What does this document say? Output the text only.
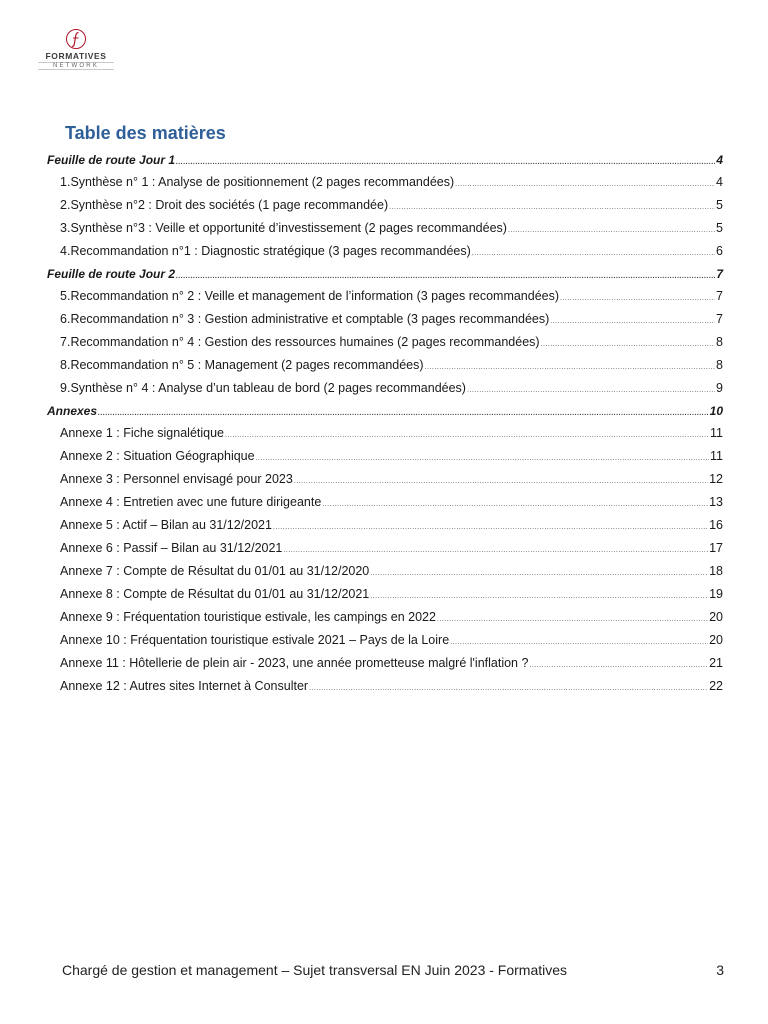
FORMATIVES
NETWORK
Table des matières
Feuille de route Jour 1 .....	4
1. Synthèse n° 1 : Analyse de positionnement (2 pages recommandées) .....	4
2. Synthèse n°2 : Droit des sociétés (1 page recommandée) .....	5
3. Synthèse n°3 : Veille et opportunité d’investissement (2 pages recommandées) .....	5
4. Recommandation n°1 : Diagnostic stratégique (3 pages recommandées) .....	6
Feuille de route Jour 2 .....	7
5. Recommandation n° 2 : Veille et management de l’information (3 pages recommandées) .....	7
6. Recommandation n° 3 : Gestion administrative et comptable (3 pages recommandées) .....	7
7. Recommandation n° 4 : Gestion des ressources humaines (2 pages recommandées) .....	8
8. Recommandation n° 5 : Management (2 pages recommandées) .....	8
9. Synthèse n° 4 : Analyse d’un tableau de bord (2 pages recommandées) .....	9
Annexes .....	10
Annexe 1 : Fiche signalétique .....	11
Annexe 2 : Situation Géographique .....	11
Annexe 3 : Personnel envisagé pour 2023 .....	12
Annexe 4 : Entretien avec une future dirigeante .....	13
Annexe 5 : Actif – Bilan au 31/12/2021 .....	16
Annexe 6 : Passif – Bilan au 31/12/2021 .....	17
Annexe 7 : Compte de Résultat du 01/01 au 31/12/2020 .....	18
Annexe 8 : Compte de Résultat du 01/01 au 31/12/2021 .....	19
Annexe 9 : Fréquentation touristique estivale, les campings en 2022 .....	20
Annexe 10 : Fréquentation touristique estivale 2021 – Pays de la Loire .....	20
Annexe 11 : Hôtellerie de plein air - 2023, une année prometteuse malgré l'inflation ? .....	21
Annexe 12 : Autres sites Internet à Consulter .....	22
Chargé de gestion et management – Sujet transversal EN Juin 2023 - Formatives	3
